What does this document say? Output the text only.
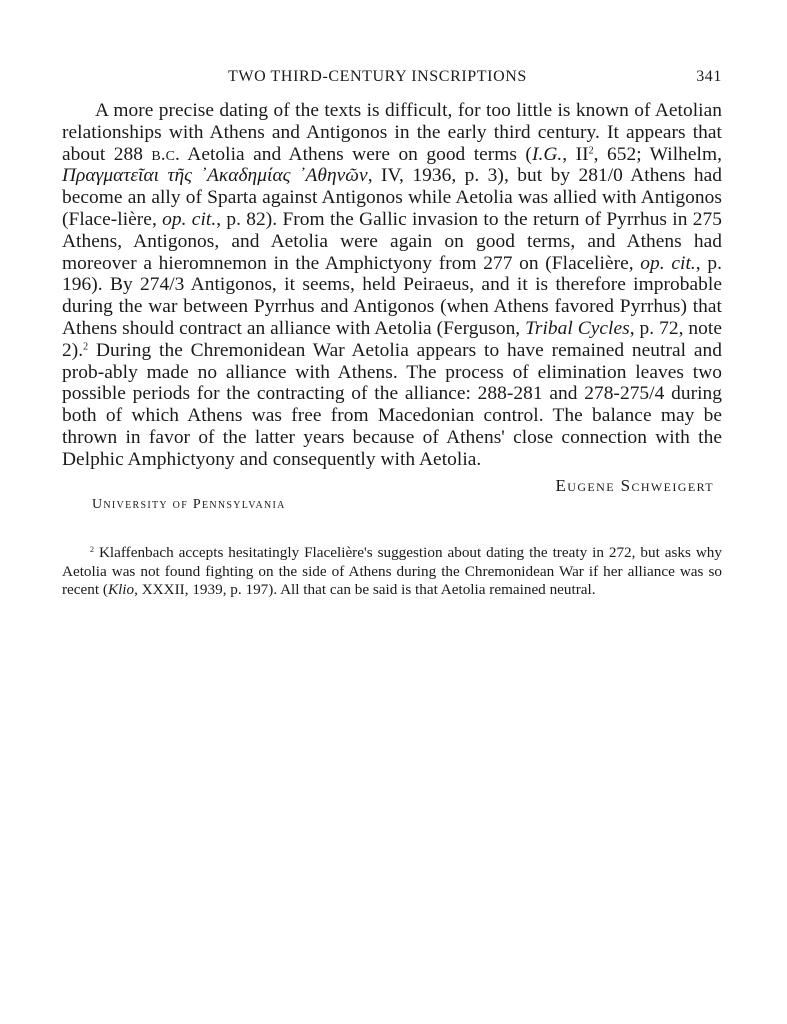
TWO THIRD-CENTURY INSCRIPTIONS	341

A more precise dating of the texts is difficult, for too little is known of Aetolian relationships with Athens and Antigonos in the early third century. It appears that about 288 b.c. Aetolia and Athens were on good terms (I.G., $II^2$, 652; Wilhelm, Πραγματεῖαι τῆς ᾿Ακαδημίας ᾿Αθηνῶν, IV, 1936, p. 3), but by 281/0 Athens had become an ally of Sparta against Antigonos while Aetolia was allied with Antigonos (Flace-lière, op. cit., p. 82). From the Gallic invasion to the return of Pyrrhus in 275 Athens, Antigonos, and Aetolia were again on good terms, and Athens had moreover a hieromnemon in the Amphictyony from 277 on (Flacelière, op. cit., p. 196). By 274/3 Antigonos, it seems, held Peiraeus, and it is therefore improbable during the war between Pyrrhus and Antigonos (when Athens favored Pyrrhus) that Athens should contract an alliance with Aetolia (Ferguson, Tribal Cycles, p. 72, note 2).$^2$ During the Chremonidean War Aetolia appears to have remained neutral and prob-ably made no alliance with Athens. The process of elimination leaves two possible periods for the contracting of the alliance: 288-281 and 278-275/4 during both of which Athens was free from Macedonian control. The balance may be thrown in favor of the latter years because of Athens' close connection with the Delphic Amphictyony and consequently with Aetolia.

Eugene Schweigert
University of Pennsylvania

$^2$ Klaffenbach accepts hesitatingly Flacelière's suggestion about dating the treaty in 272, but asks why Aetolia was not found fighting on the side of Athens during the Chremonidean War if her alliance was so recent (Klio, XXXII, 1939, p. 197). All that can be said is that Aetolia remained neutral.
